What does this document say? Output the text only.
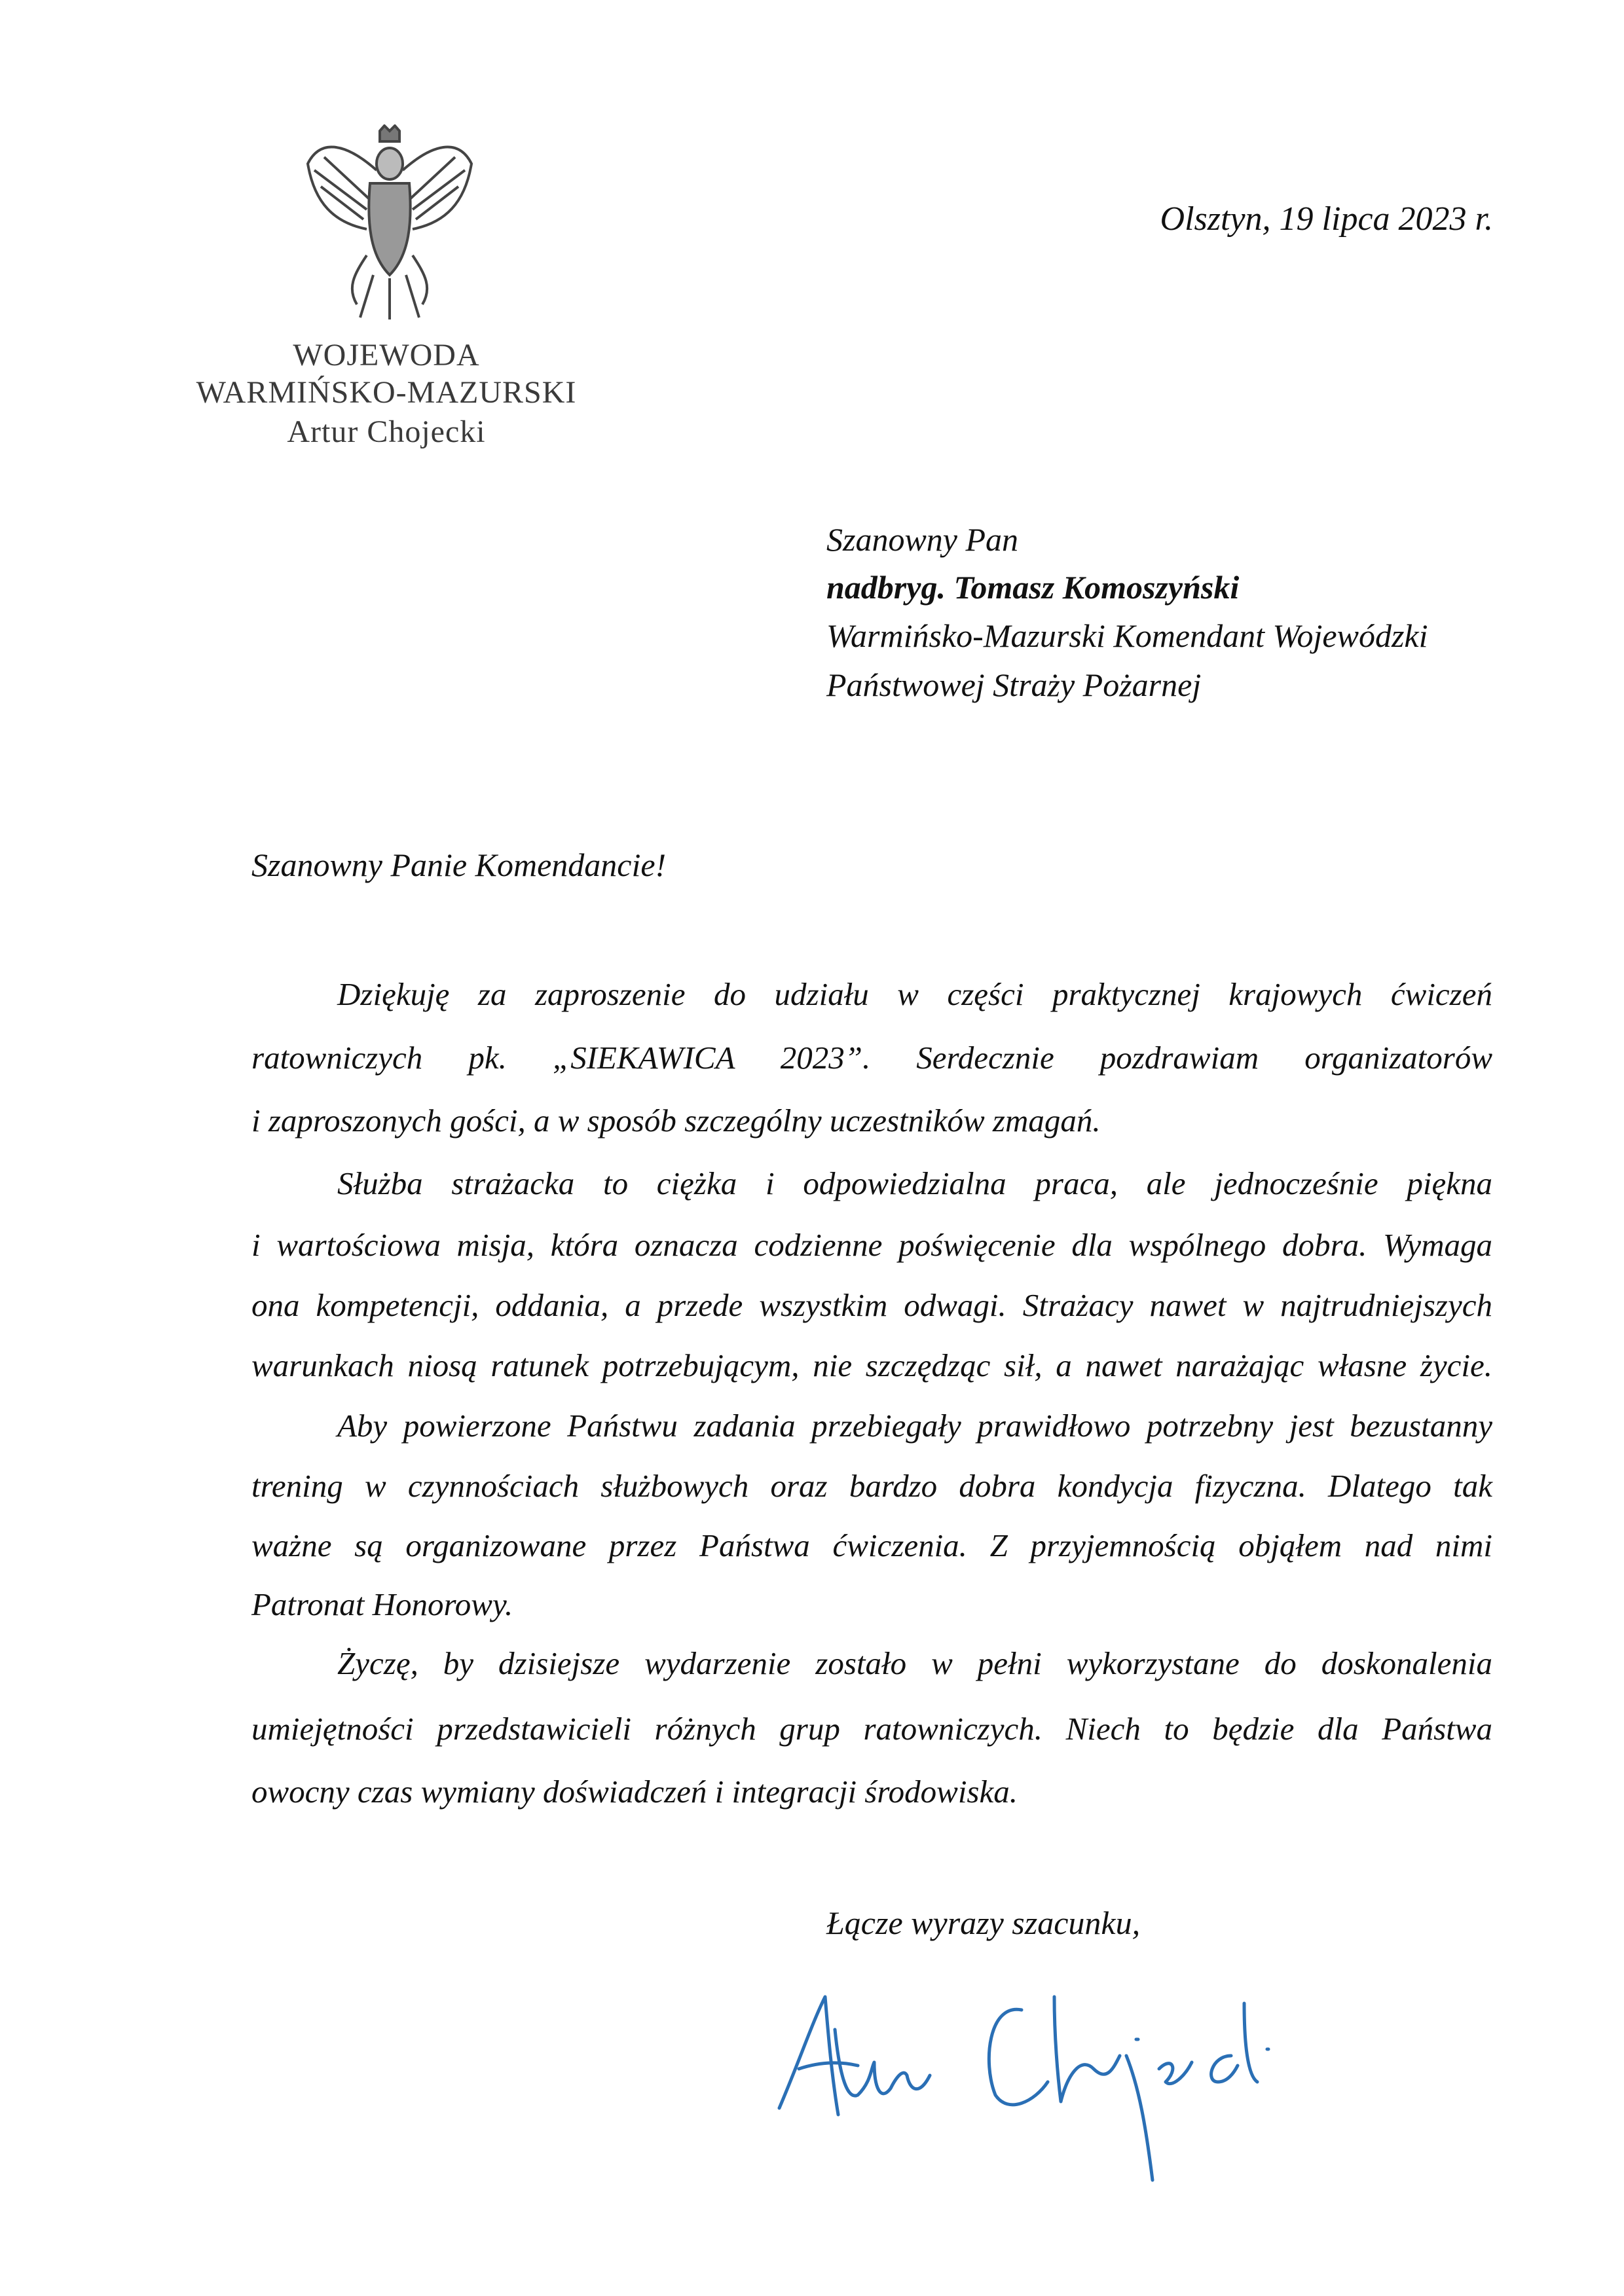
WOJEWODA
WARMIŃSKO-MAZURSKI
Artur Chojecki
Olsztyn, 19 lipca 2023 r.
Szanowny Pan
nadbryg. Tomasz Komoszyński
Warmińsko-Mazurski Komendant Wojewódzki
Państwowej Straży Pożarnej
Szanowny Panie Komendancie!
Dziękuję za zaproszenie do udziału w części praktycznej krajowych ćwiczeń
ratowniczych pk. „SIEKAWICA 2023”. Serdecznie pozdrawiam organizatorów
i zaproszonych gości, a w sposób szczególny uczestników zmagań.
Służba strażacka to ciężka i odpowiedzialna praca, ale jednocześnie piękna
i wartościowa misja, która oznacza codzienne poświęcenie dla wspólnego dobra. Wymaga
ona kompetencji, oddania, a przede wszystkim odwagi. Strażacy nawet w najtrudniejszych
warunkach niosą ratunek potrzebującym, nie szczędząc sił, a nawet narażając własne życie.
Aby powierzone Państwu zadania przebiegały prawidłowo potrzebny jest bezustanny
trening w czynnościach służbowych oraz bardzo dobra kondycja fizyczna. Dlatego tak
ważne są organizowane przez Państwa ćwiczenia. Z przyjemnością objąłem nad nimi
Patronat Honorowy.
Życzę, by dzisiejsze wydarzenie zostało w pełni wykorzystane do doskonalenia
umiejętności przedstawicieli różnych grup ratowniczych. Niech to będzie dla Państwa
owocny czas wymiany doświadczeń i integracji środowiska.
Łącze wyrazy szacunku,
